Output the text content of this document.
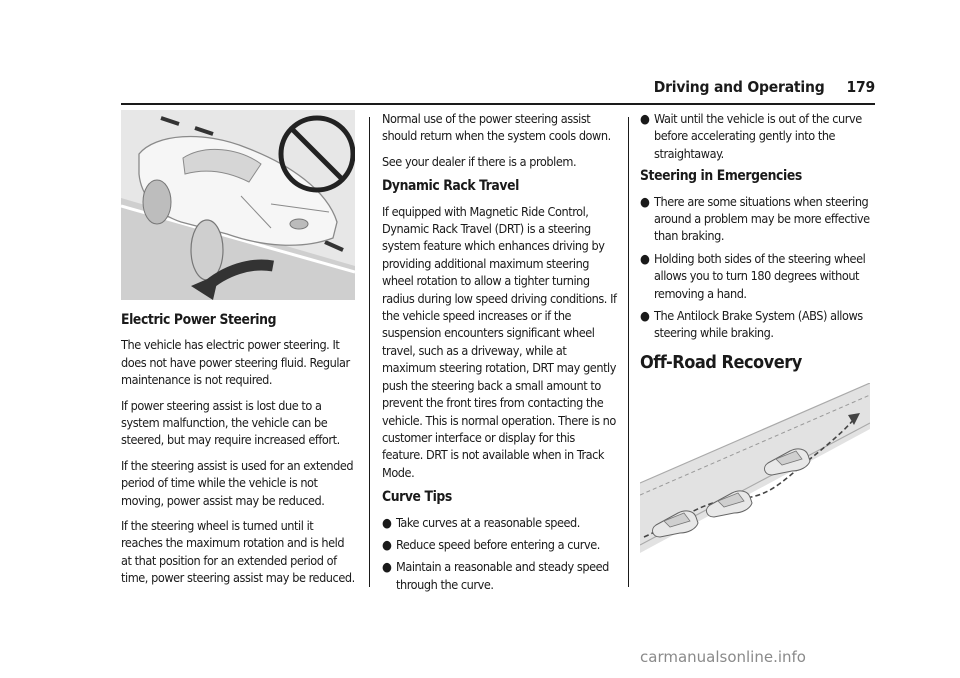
Driving and Operating 179
Electric Power Steering

The vehicle has electric power steering. It does not have power steering fluid. Regular maintenance is not required.

If power steering assist is lost due to a system malfunction, the vehicle can be steered, but may require increased effort.

If the steering assist is used for an extended period of time while the vehicle is not moving, power assist may be reduced.

If the steering wheel is turned until it reaches the maximum rotation and is held at that position for an extended period of time, power steering assist may be reduced.

Normal use of the power steering assist should return when the system cools down.

See your dealer if there is a problem.

Dynamic Rack Travel

If equipped with Magnetic Ride Control, Dynamic Rack Travel (DRT) is a steering system feature which enhances driving by providing additional maximum steering wheel rotation to allow a tighter turning radius during low speed driving conditions. If the vehicle speed increases or if the suspension encounters significant wheel travel, such as a driveway, while at maximum steering rotation, DRT may gently push the steering back a small amount to prevent the front tires from contacting the vehicle. This is normal operation. There is no customer interface or display for this feature. DRT is not available when in Track Mode.

Curve Tips
● Take curves at a reasonable speed.
● Reduce speed before entering a curve.
● Maintain a reasonable and steady speed through the curve.
● Wait until the vehicle is out of the curve before accelerating gently into the straightaway.
Steering in Emergencies
● There are some situations when steering around a problem may be more effective than braking.
● Holding both sides of the steering wheel allows you to turn 180 degrees without removing a hand.
● The Antilock Brake System (ABS) allows steering while braking.
Off-Road Recovery
carmanualsonline.info
